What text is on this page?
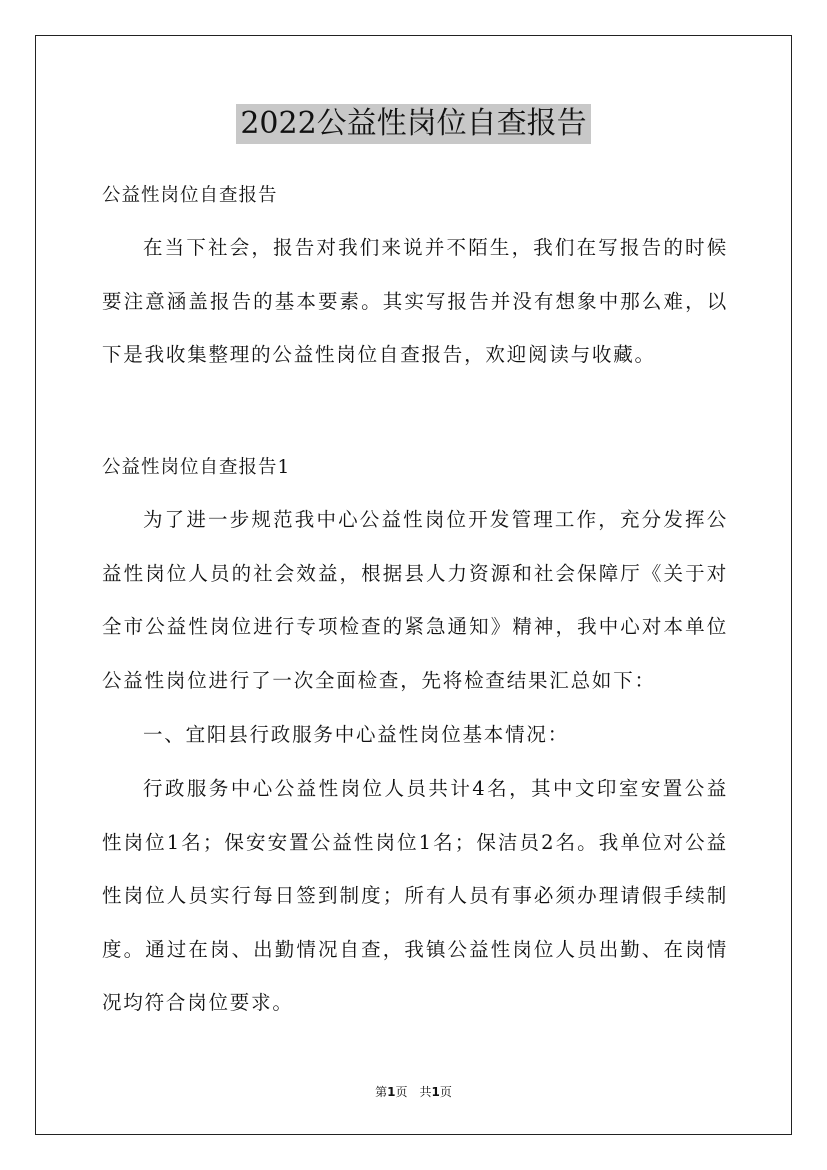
2022公益性岗位自查报告

公益性岗位自查报告

在当下社会，报告对我们来说并不陌生，我们在写报告的时候要注意涵盖报告的基本要素。其实写报告并没有想象中那么难，以下是我收集整理的公益性岗位自查报告，欢迎阅读与收藏。

公益性岗位自查报告1

为了进一步规范我中心公益性岗位开发管理工作，充分发挥公益性岗位人员的社会效益，根据县人力资源和社会保障厅《关于对全市公益性岗位进行专项检查的紧急通知》精神，我中心对本单位公益性岗位进行了一次全面检查，先将检查结果汇总如下：

一、宜阳县行政服务中心益性岗位基本情况：

行政服务中心公益性岗位人员共计4名，其中文印室安置公益性岗位1名；保安安置公益性岗位1名；保洁员2名。我单位对公益性岗位人员实行每日签到制度；所有人员有事必须办理请假手续制度。通过在岗、出勤情况自查，我镇公益性岗位人员出勤、在岗情况均符合岗位要求。

第1页　共1页
